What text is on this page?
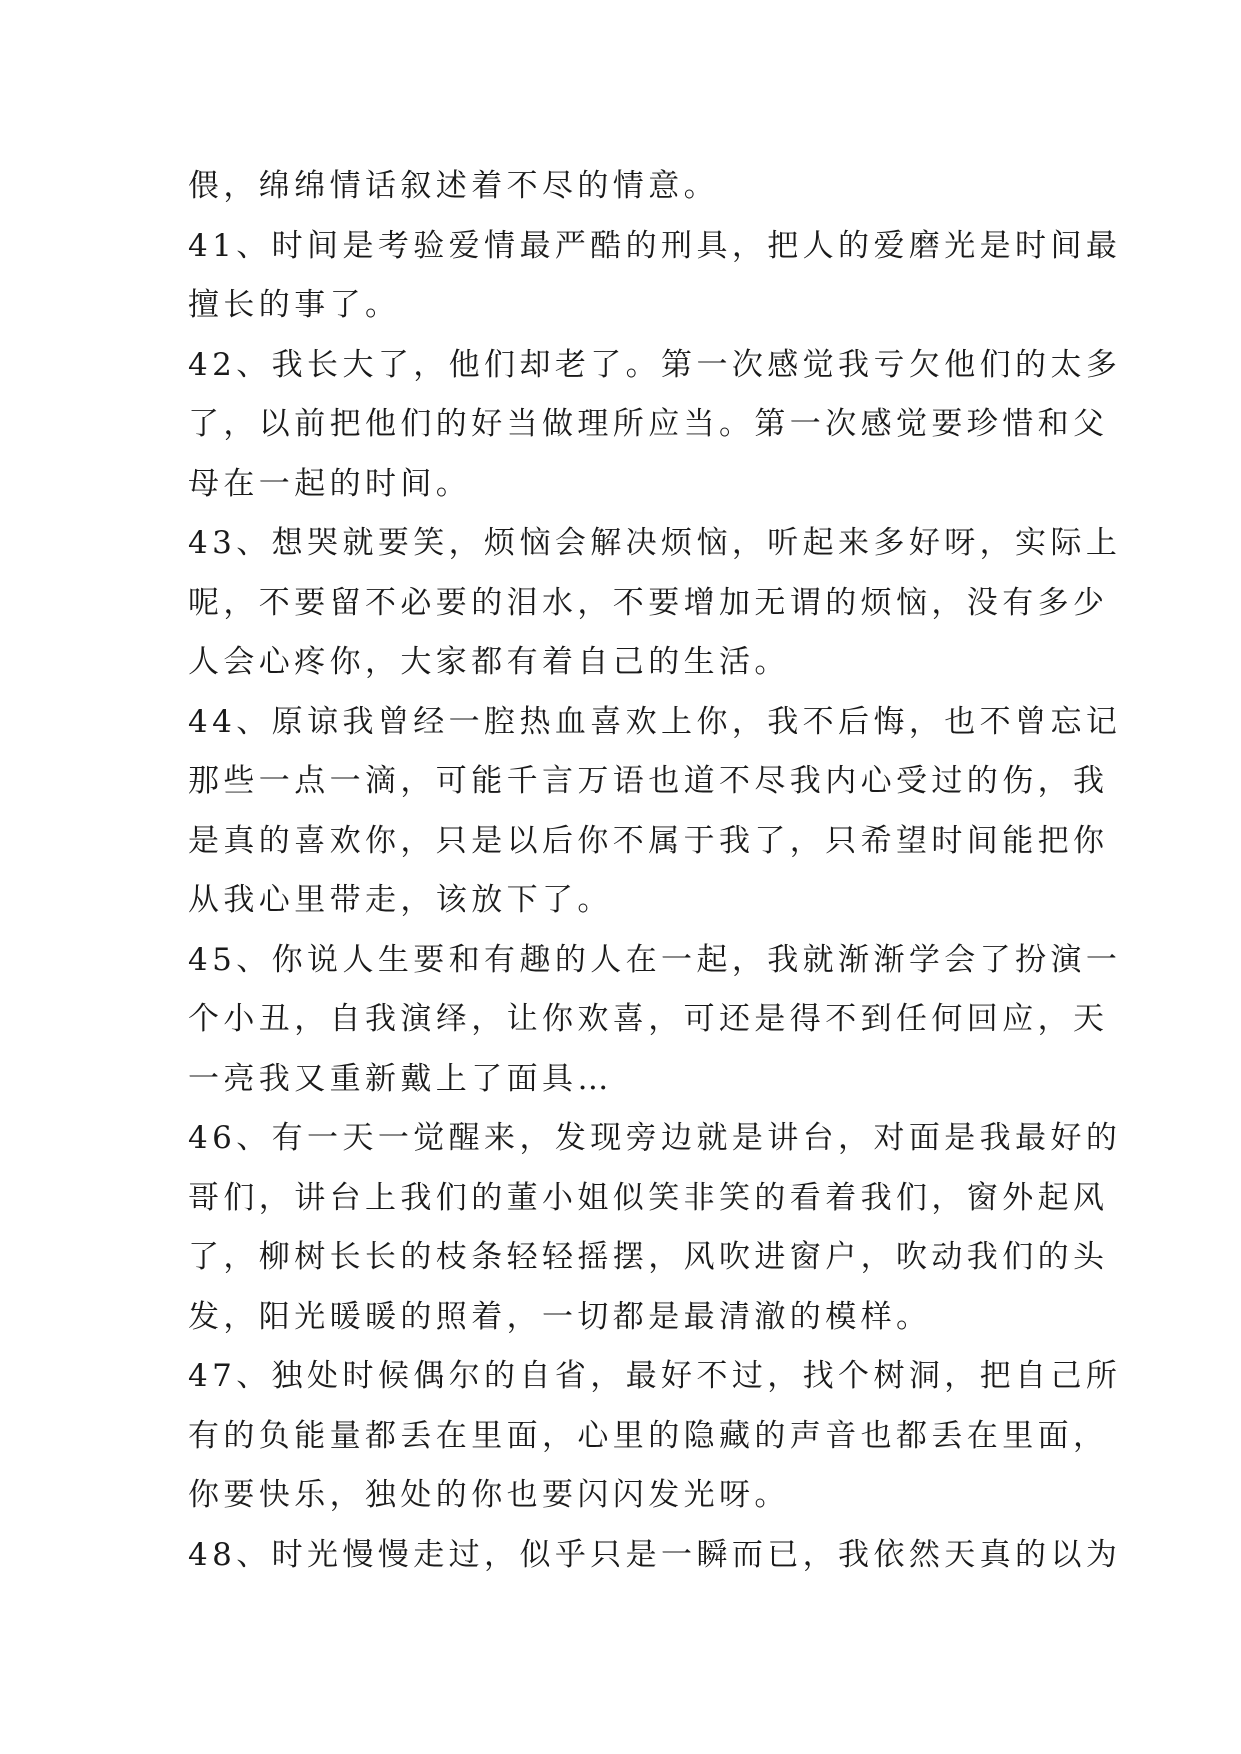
偎，绵绵情话叙述着不尽的情意。
41、时间是考验爱情最严酷的刑具，把人的爱磨光是时间最
擅长的事了。
42、我长大了，他们却老了。第一次感觉我亏欠他们的太多
了，以前把他们的好当做理所应当。第一次感觉要珍惜和父
母在一起的时间。
43、想哭就要笑，烦恼会解决烦恼，听起来多好呀，实际上
呢，不要留不必要的泪水，不要增加无谓的烦恼，没有多少
人会心疼你，大家都有着自己的生活。
44、原谅我曾经一腔热血喜欢上你，我不后悔，也不曾忘记
那些一点一滴，可能千言万语也道不尽我内心受过的伤，我
是真的喜欢你，只是以后你不属于我了，只希望时间能把你
从我心里带走，该放下了。
45、你说人生要和有趣的人在一起，我就渐渐学会了扮演一
个小丑，自我演绎，让你欢喜，可还是得不到任何回应，天
一亮我又重新戴上了面具…
46、有一天一觉醒来，发现旁边就是讲台，对面是我最好的
哥们，讲台上我们的董小姐似笑非笑的看着我们，窗外起风
了，柳树长长的枝条轻轻摇摆，风吹进窗户，吹动我们的头
发，阳光暖暖的照着，一切都是最清澈的模样。
47、独处时候偶尔的自省，最好不过，找个树洞，把自己所
有的负能量都丢在里面，心里的隐藏的声音也都丢在里面，
你要快乐，独处的你也要闪闪发光呀。
48、时光慢慢走过，似乎只是一瞬而已，我依然天真的以为
